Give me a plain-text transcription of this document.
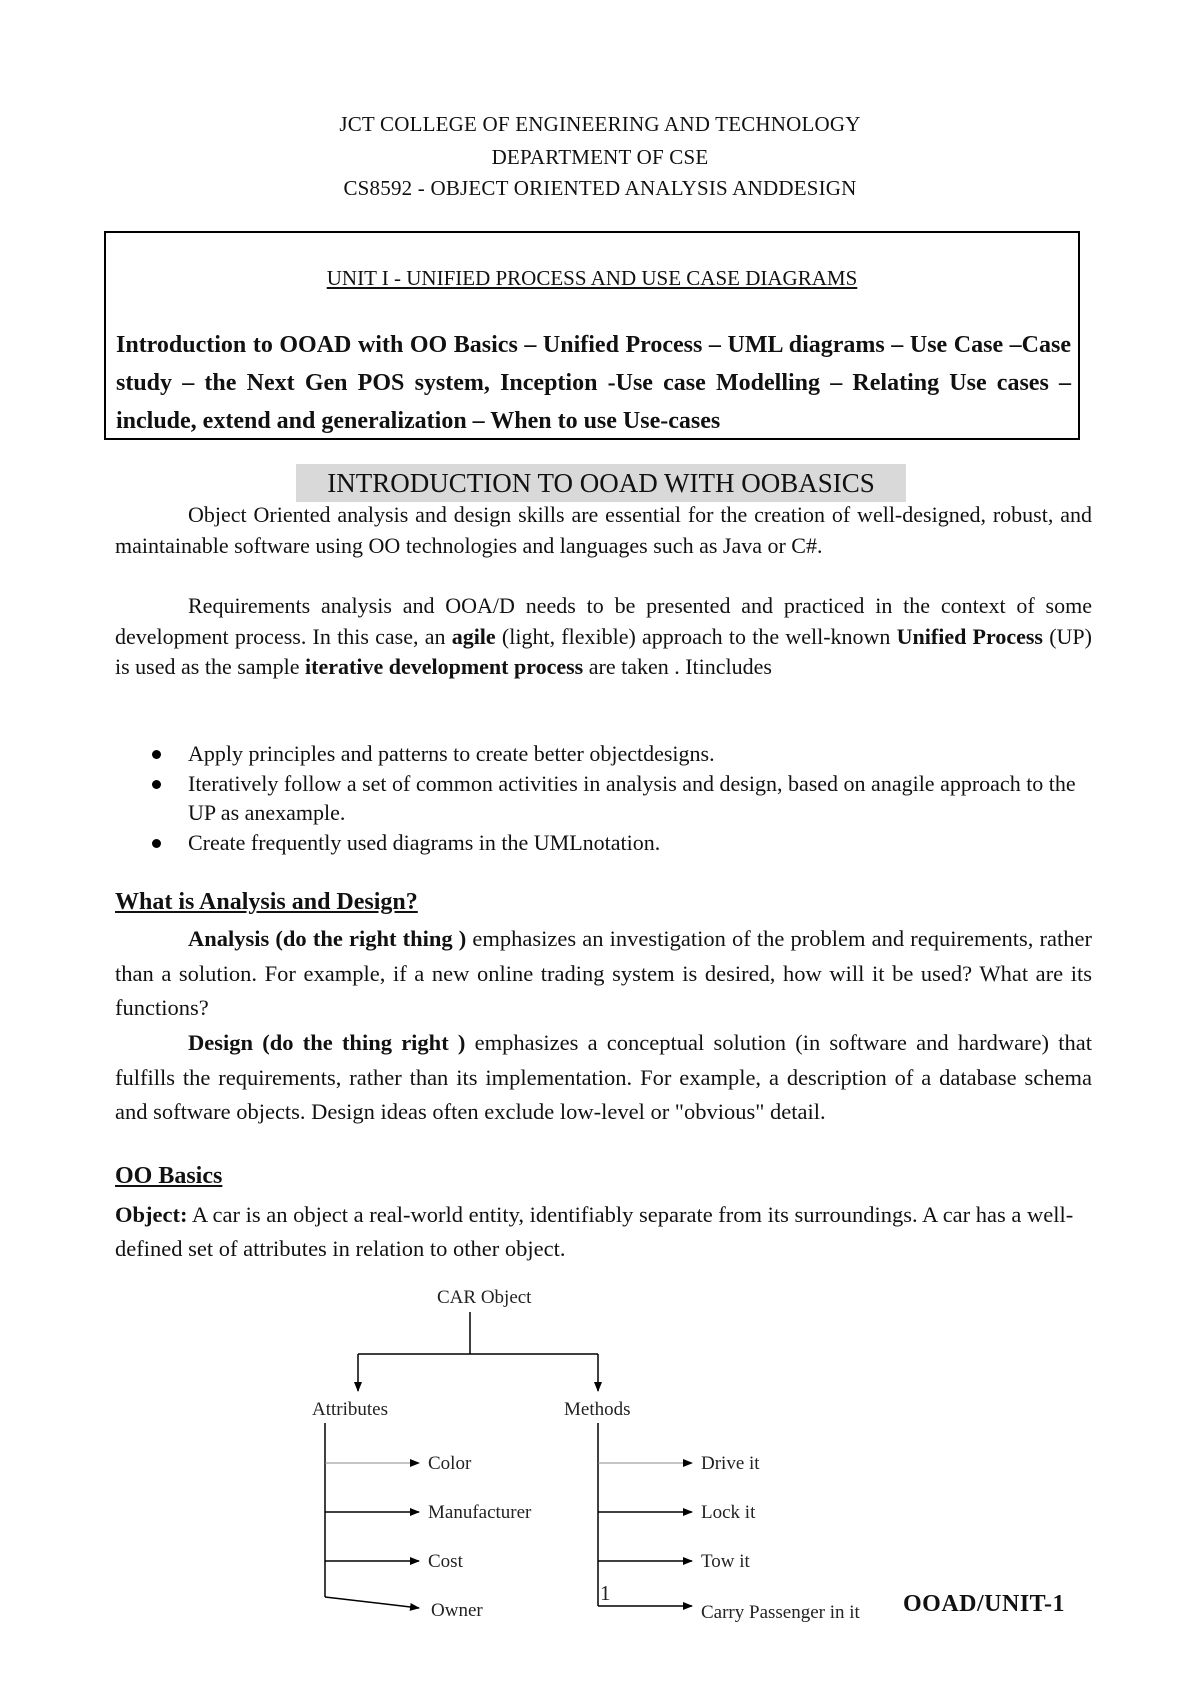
JCT COLLEGE OF ENGINEERING AND TECHNOLOGY
DEPARTMENT OF CSE
CS8592 - OBJECT ORIENTED ANALYSIS ANDDESIGN
UNIT I - UNIFIED PROCESS AND USE CASE DIAGRAMS
Introduction to OOAD with OO Basics – Unified Process – UML diagrams – Use Case –Case study – the Next Gen POS system, Inception -Use case Modelling – Relating Use cases – include, extend and generalization – When to use Use-cases
INTRODUCTION TO OOAD WITH OOBASICS

Object Oriented analysis and design skills are essential for the creation of well-designed, robust, and maintainable software using OO technologies and languages such as Java or C#.

Requirements analysis and OOA/D needs to be presented and practiced in the context of some development process. In this case, an agile (light, flexible) approach to the well-known Unified Process (UP) is used as the sample iterative development process are taken . Itincludes

Apply principles and patterns to create better objectdesigns.
Iteratively follow a set of common activities in analysis and design, based on anagile approach to the UP as anexample.
Create frequently used diagrams in the UMLnotation.
What is Analysis and Design?

Analysis (do the right thing ) emphasizes an investigation of the problem and requirements, rather than a solution. For example, if a new online trading system is desired, how will it be used? What are its functions?

Design (do the thing right ) emphasizes a conceptual solution (in software and hardware) that fulfills the requirements, rather than its implementation. For example, a description of a database schema and software objects. Design ideas often exclude low-level or "obvious" detail.

OO Basics

Object: A car is an object a real-world entity, identifiably separate from its surroundings. A car has a well-defined set of attributes in relation to other object.

CAR Object
Attributes	Methods
Color
Manufacturer
Cost
Owner
Drive it
Lock it
Tow it
Carry Passenger in it
1	OOAD/UNIT-1
